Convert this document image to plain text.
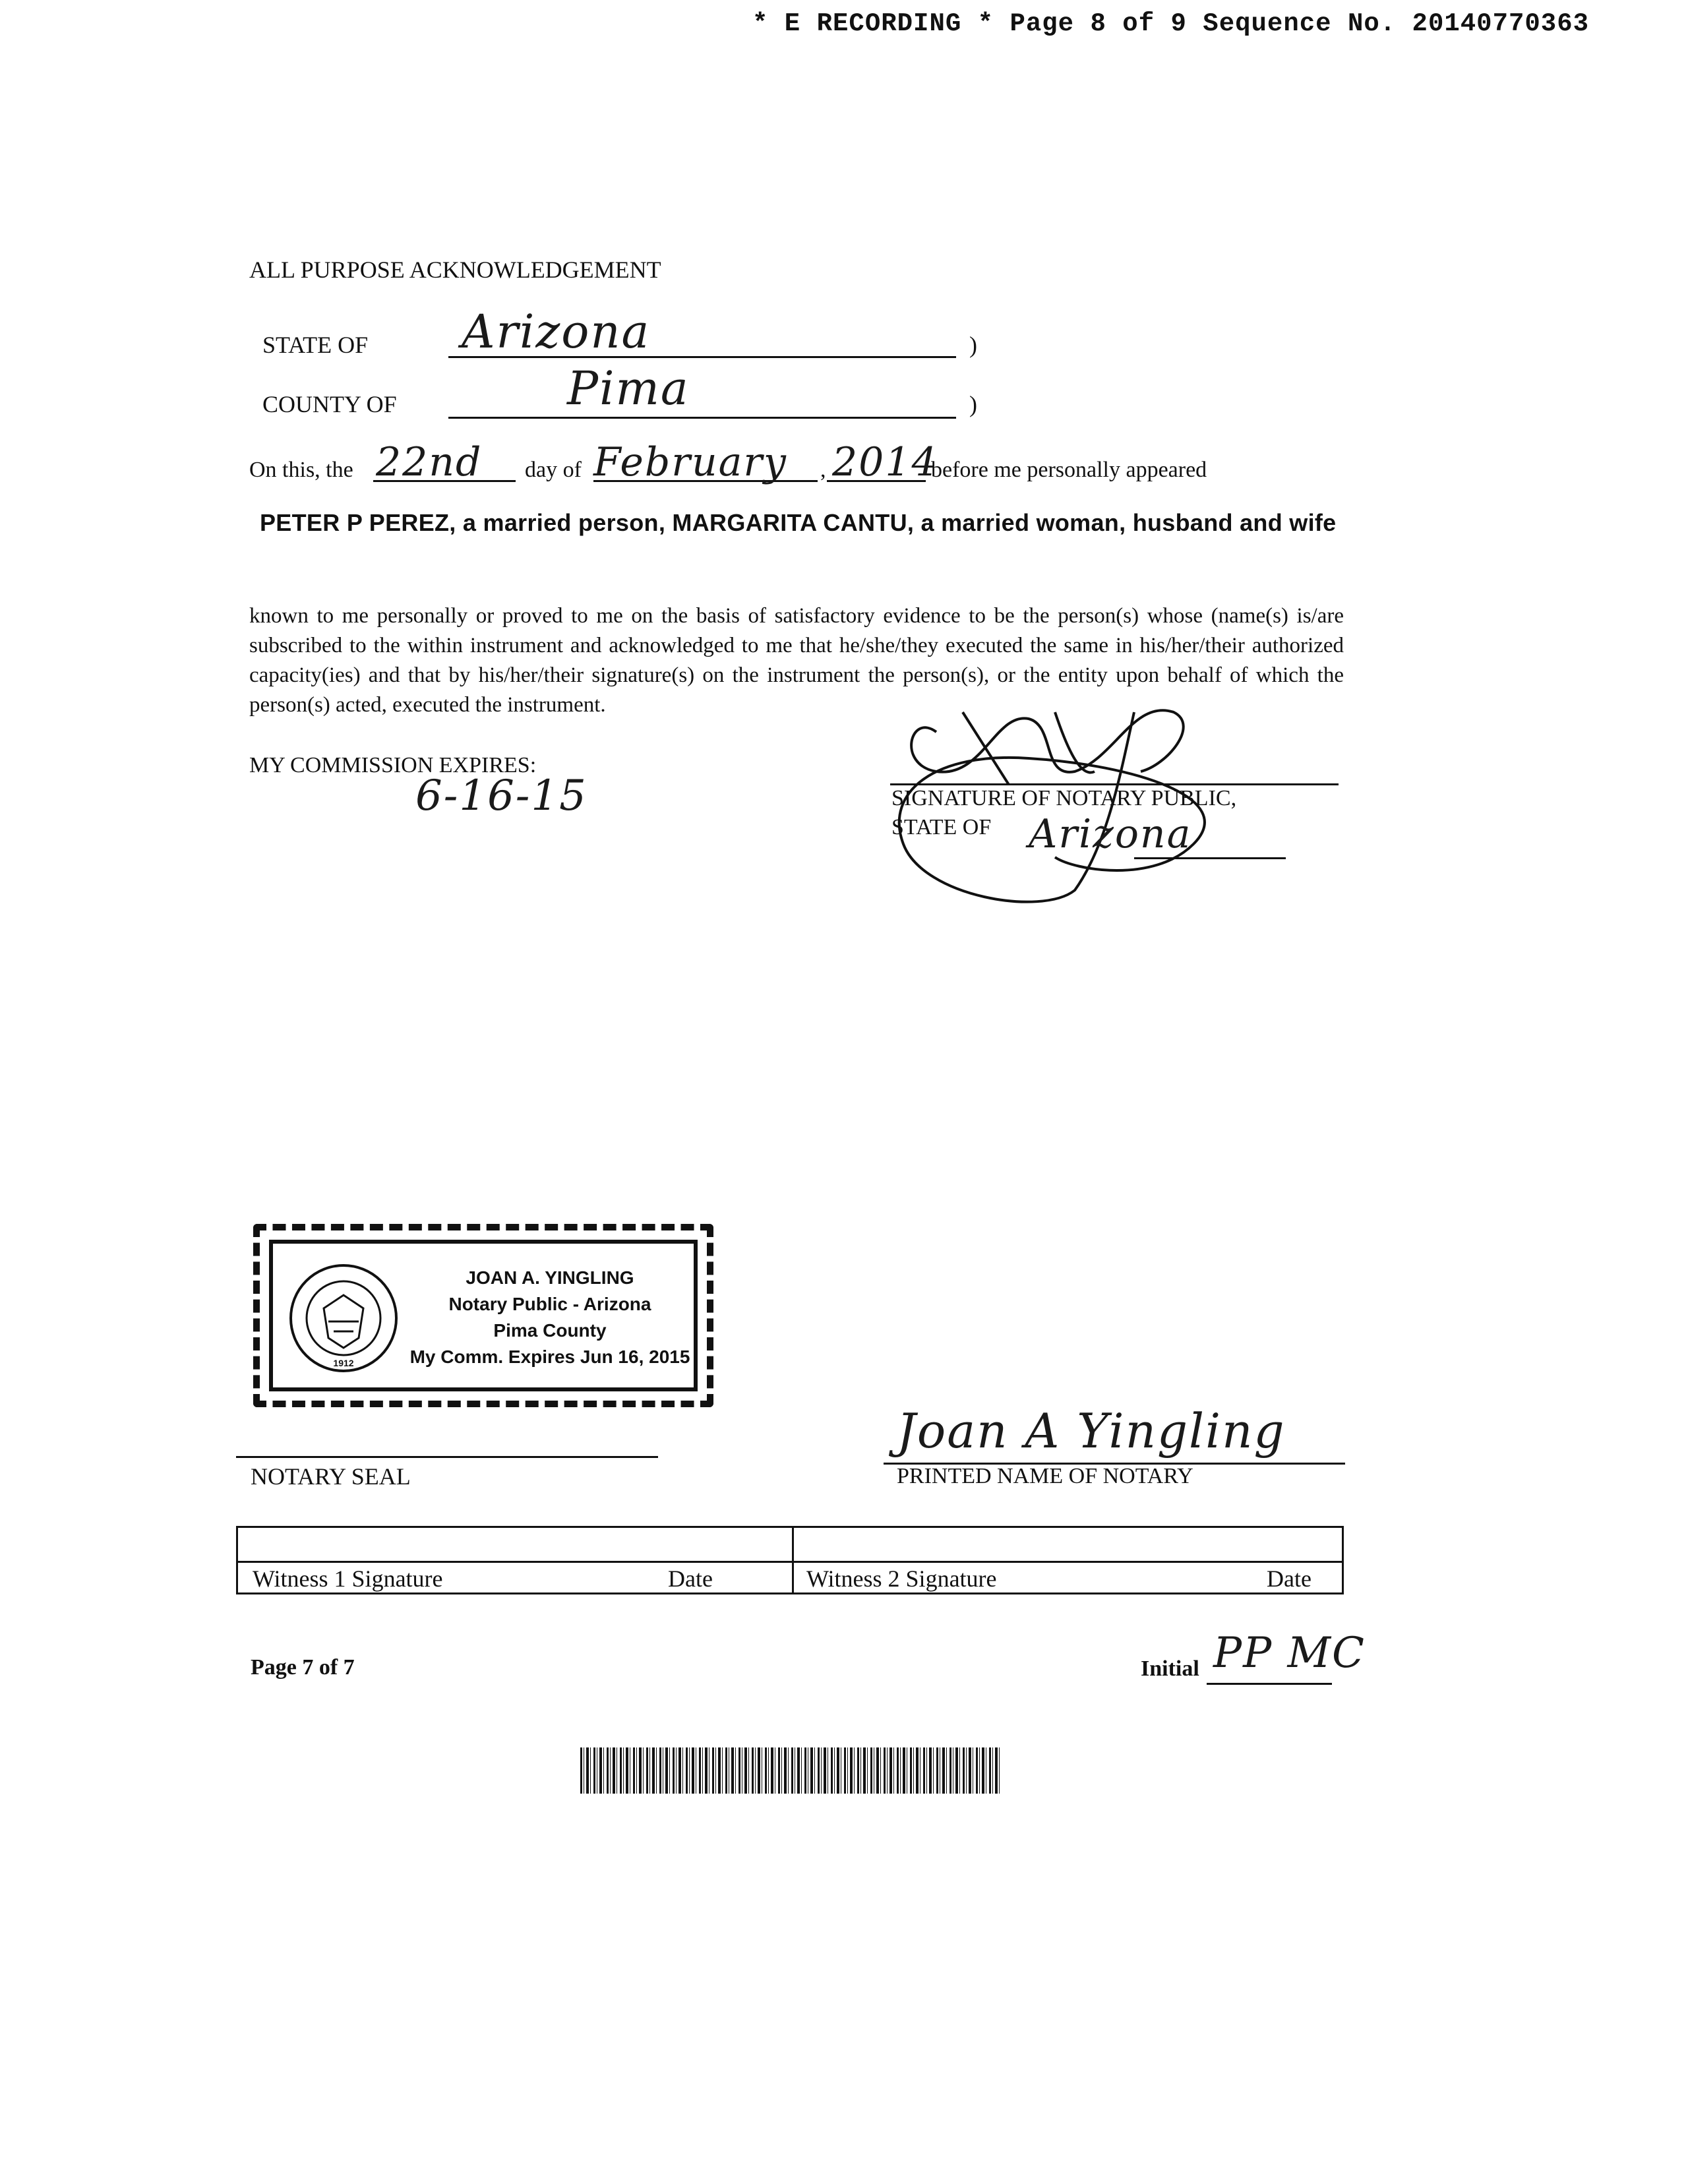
* E RECORDING * Page 8 of 9 Sequence No. 20140770363
ALL PURPOSE ACKNOWLEDGEMENT
STATE OF Arizona	)
COUNTY OF	Pima	)
On this, the 22nd day of February , 2014
before me personally appeared
PETER P PEREZ, a married person, MARGARITA CANTU, a married woman, husband and wife
known to me personally or proved to me on the basis of satisfactory evidence to be the person(s) whose (name(s) is/are subscribed to the within instrument and acknowledged to me that he/she/they executed the same in his/her/their authorized capacity(ies) and that by his/her/their signature(s) on the instrument the person(s), or the entity upon behalf of which the person(s) acted, executed the instrument.
MY COMMISSION EXPIRES:
6-16-15	SIGNATURE OF NOTARY PUBLIC,
STATE OF Arizona
1912
JOAN A. YINGLING
Notary Public - Arizona
Pima County
My Comm. Expires Jun 16, 2015
NOTARY SEAL
Joan A Yingling
PRINTED NAME OF NOTARY
Witness 1 Signature	Date	Witness 2 Signature	Date
Page 7 of 7	Initial PP MC
